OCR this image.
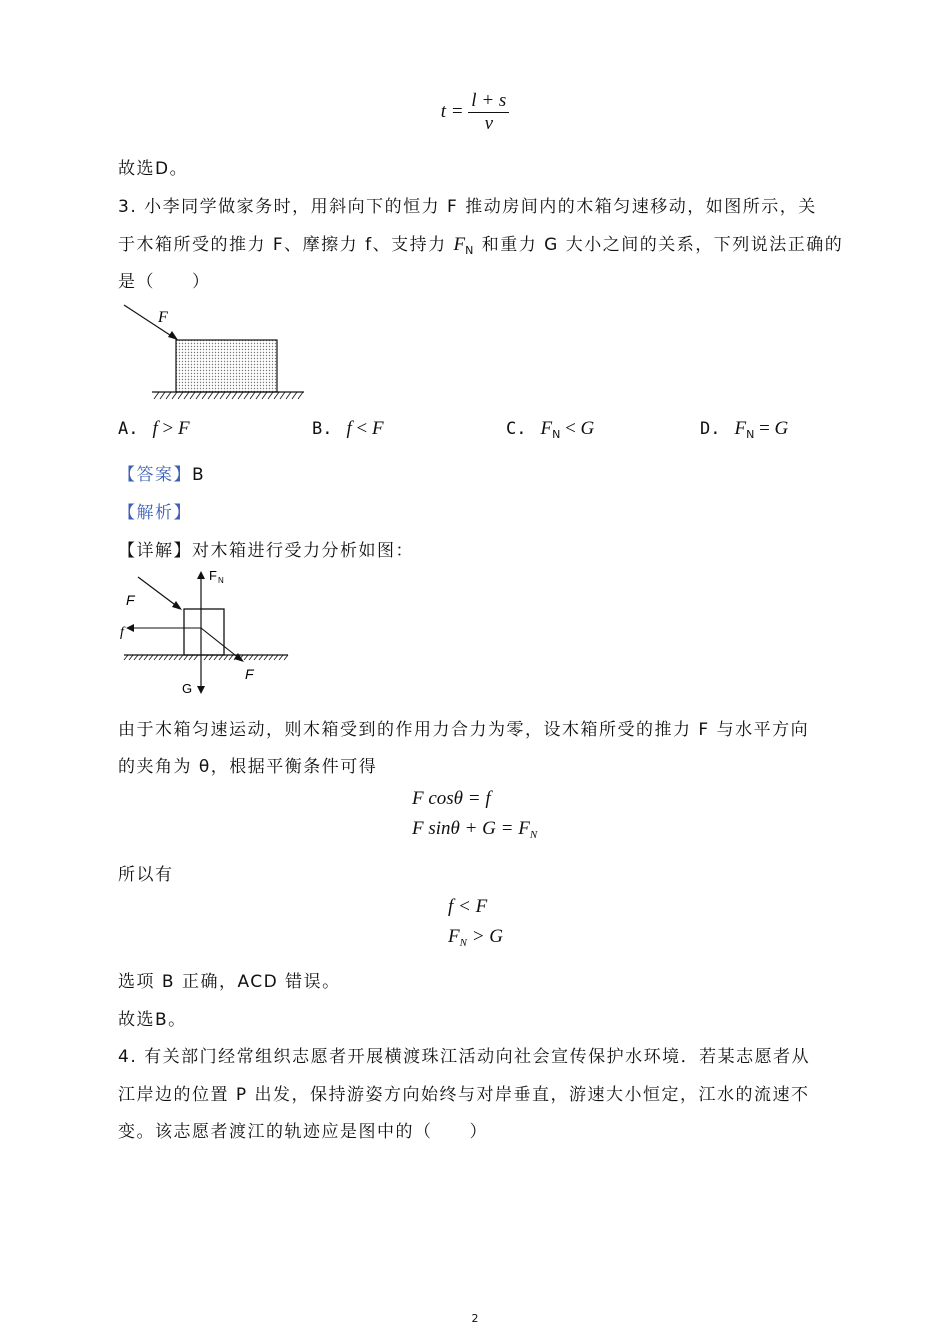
$t = \frac{l + s}{v}$
故选D。
3. 小李同学做家务时，用斜向下的恒力 F 推动房间内的木箱匀速移动，如图所示，关
于木箱所受的推力 F、摩擦力 f、支持力 $F_N$ 和重力 G 大小之间的关系，下列说法正确的
是（　　）
F
A. f > F	B. f < F	C. $F_N < G$	D. $F_N = G$
【答案】B
【解析】
【详解】对木箱进行受力分析如图：
F N
G
F
f
F
由于木箱匀速运动，则木箱受到的作用力合力为零，设木箱所受的推力 F 与水平方向
的夹角为 θ，根据平衡条件可得
F cosθ = f
F $\sin\theta + G = F_N$
所以有
f < F
$F_N > G$
选项 B 正确，ACD 错误。
故选B。
4. 有关部门经常组织志愿者开展横渡珠江活动向社会宣传保护水环境．若某志愿者从
江岸边的位置 P 出发，保持游姿方向始终与对岸垂直，游速大小恒定，江水的流速不
变。该志愿者渡江的轨迹应是图中的（　　）
2
